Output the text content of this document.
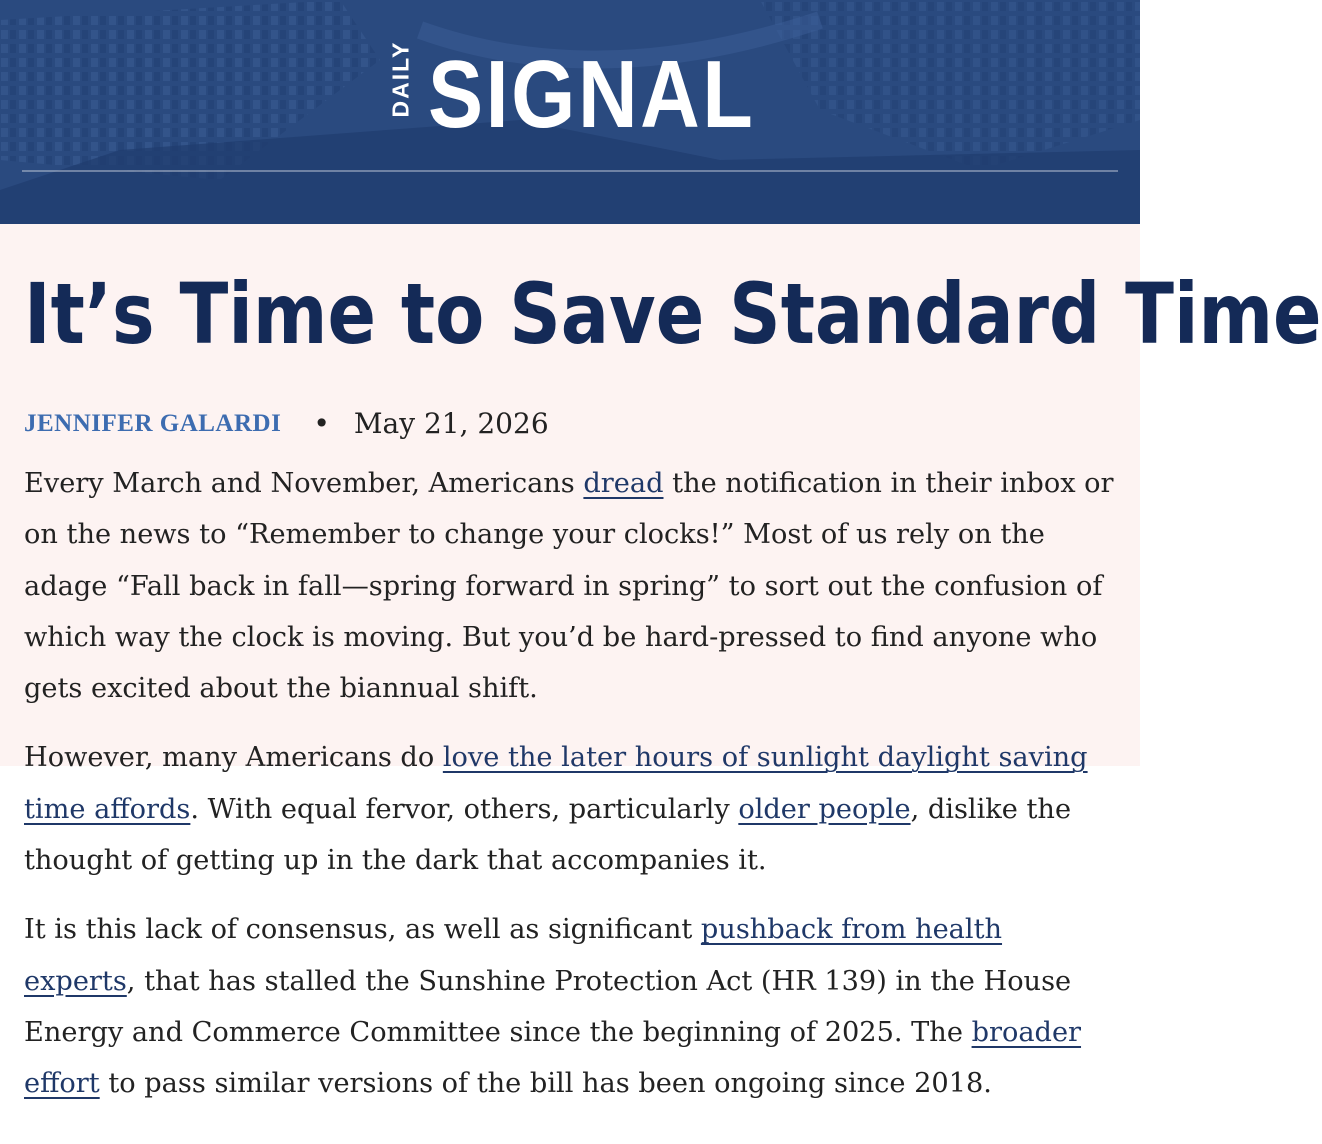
DAILY SIGNAL
It’s Time to Save Standard Time
JENNIFER GALARDI • May 21, 2026

Every March and November, Americans dread the notification in their inbox or on the news to “Remember to change your clocks!” Most of us rely on the adage “Fall back in fall—spring forward in spring” to sort out the confusion of which way the clock is moving. But you’d be hard-pressed to find anyone who gets excited about the biannual shift.

However, many Americans do love the later hours of sunlight daylight saving time affords. With equal fervor, others, particularly older people, dislike the thought of getting up in the dark that accompanies it.

It is this lack of consensus, as well as significant pushback from health experts, that has stalled the Sunshine Protection Act (HR 139) in the House Energy and Commerce Committee since the beginning of 2025. The broader effort to pass similar versions of the bill has been ongoing since 2018.
